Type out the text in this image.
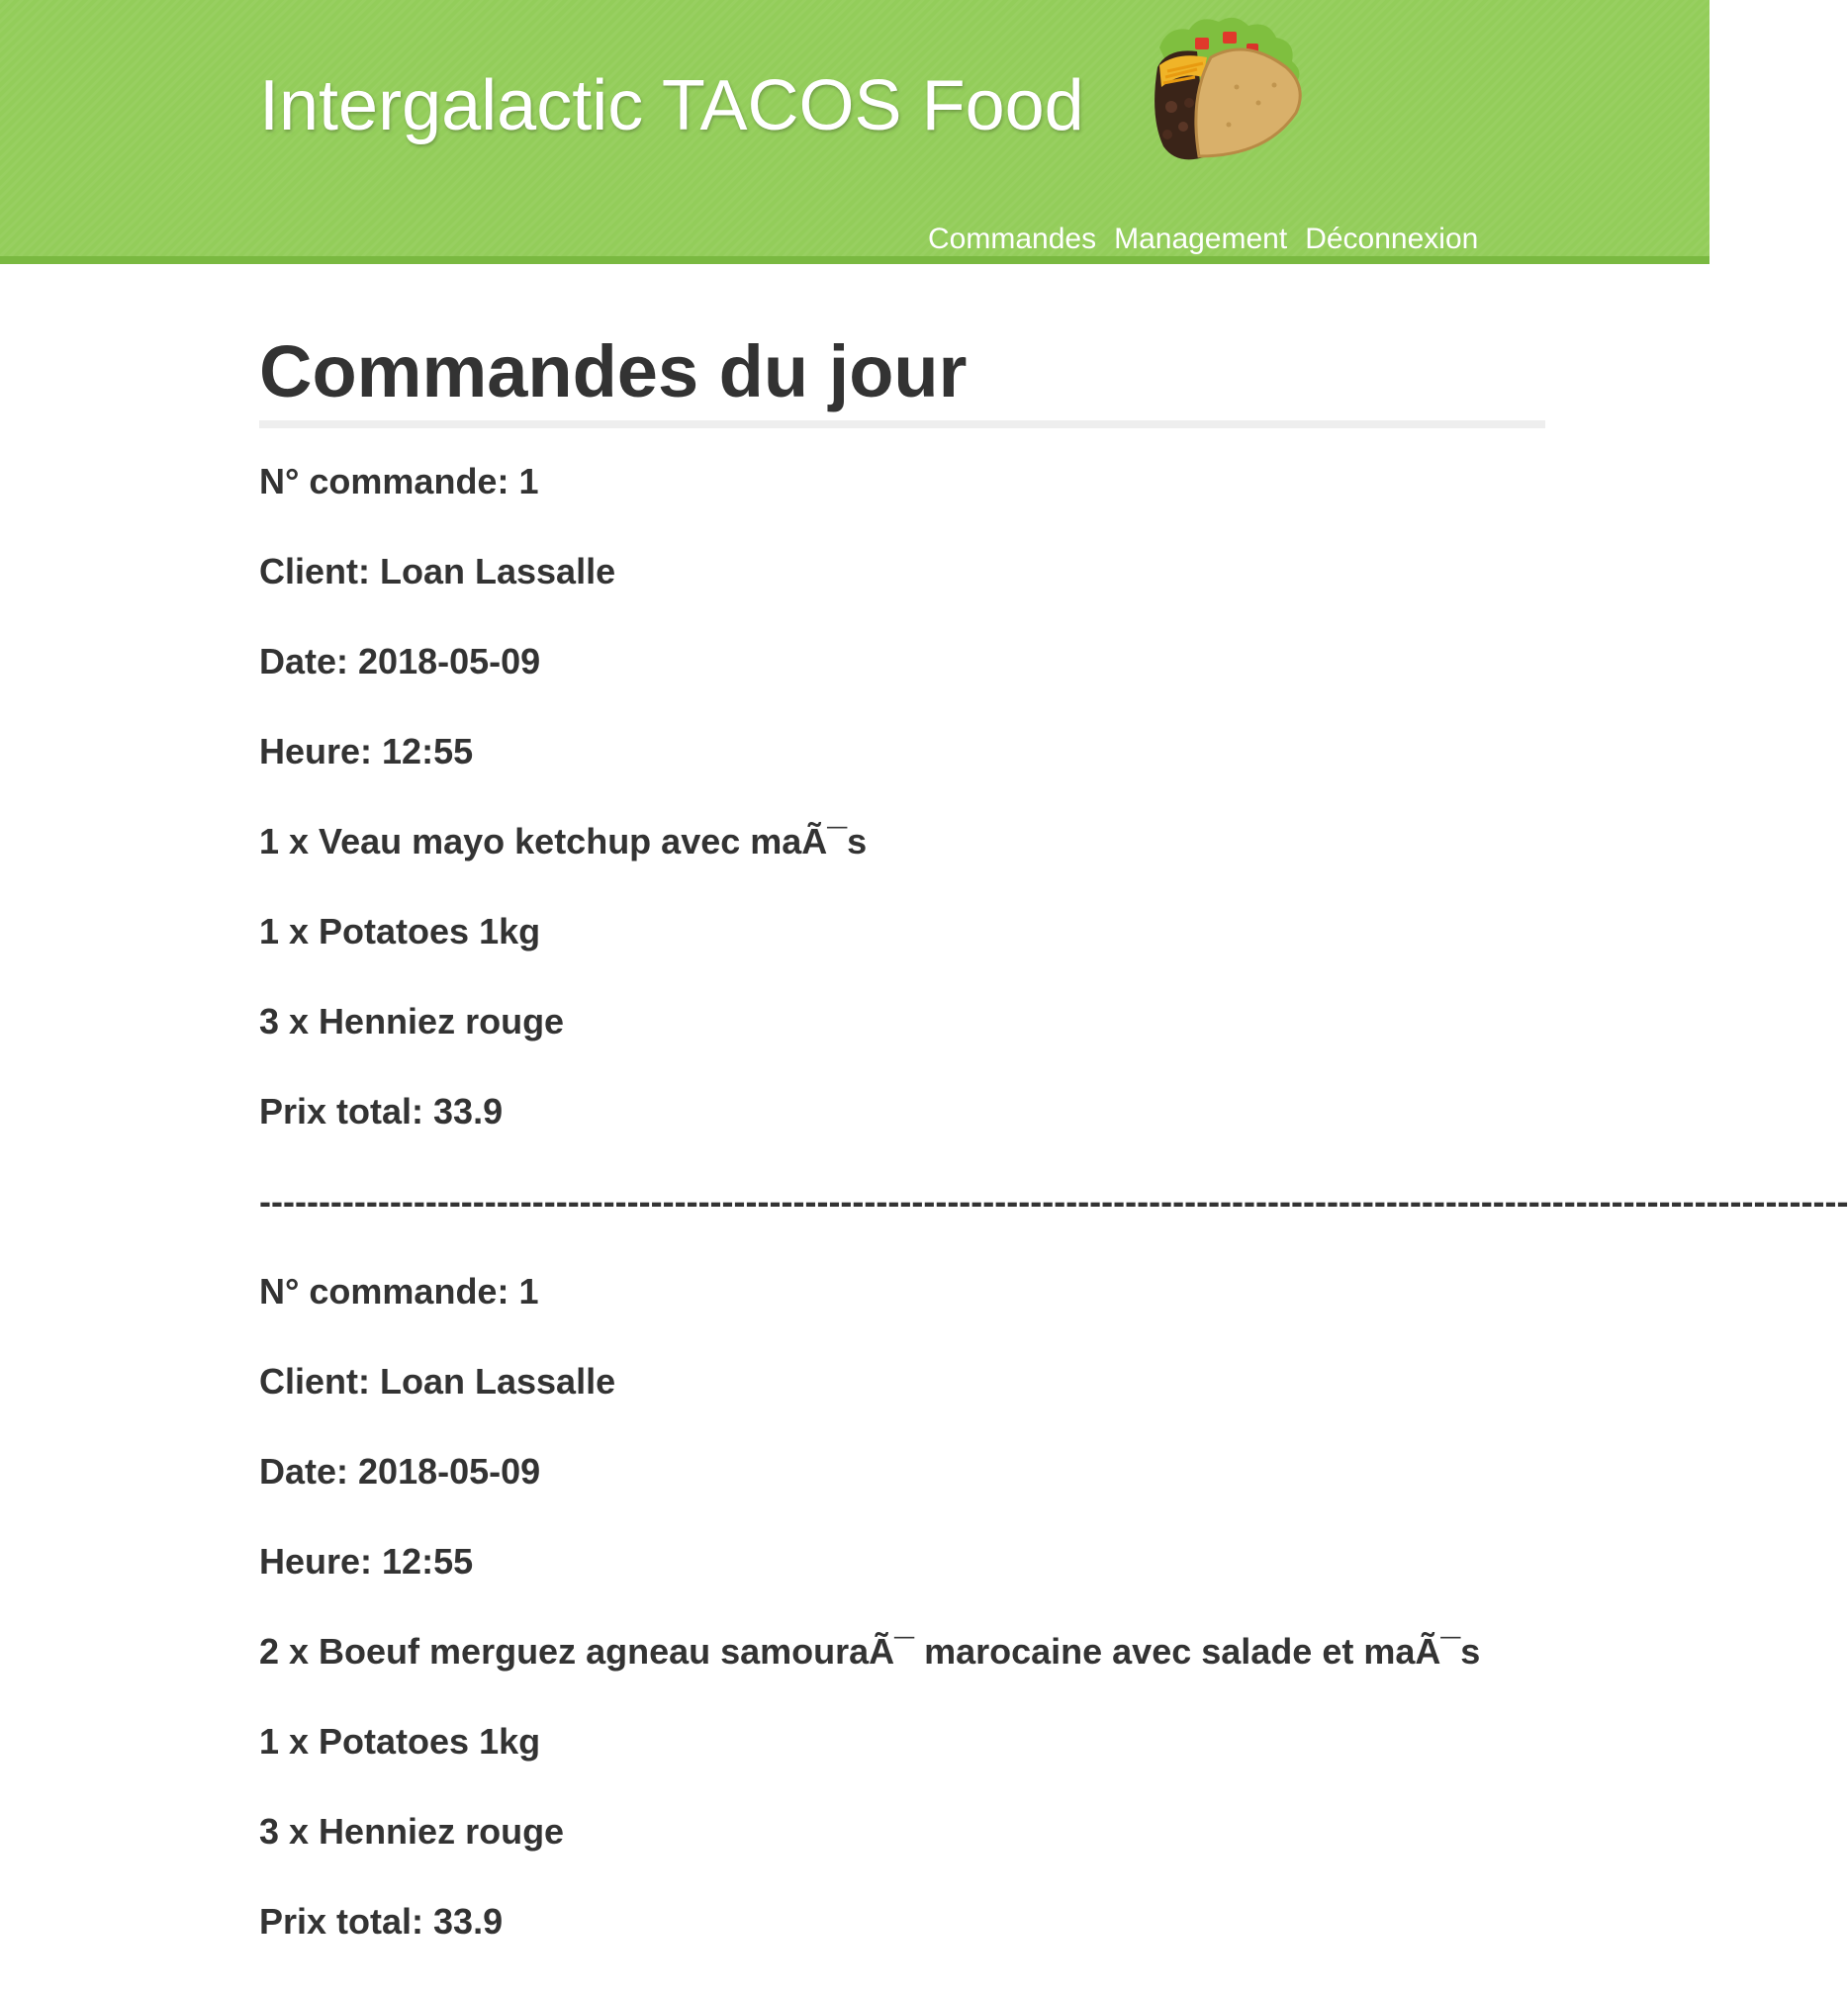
Intergalactic TACOS Food
Commandes Management Déconnexion
Commandes du jour

N° commande: 1

Client: Loan Lassalle

Date: 2018-05-09

Heure: 12:55

1 x Veau mayo ketchup avec maÃ¯s

1 x Potatoes 1kg

3 x Henniez rouge

Prix total: 33.9

--------------------------------------------------------------------------------------------------------------------------------------

N° commande: 1

Client: Loan Lassalle

Date: 2018-05-09

Heure: 12:55

2 x Boeuf merguez agneau samouraÃ¯ marocaine avec salade et maÃ¯s

1 x Potatoes 1kg

3 x Henniez rouge

Prix total: 33.9
